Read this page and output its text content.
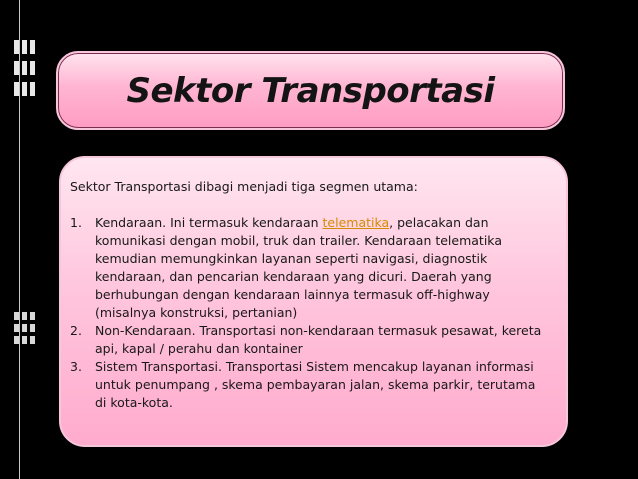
Sektor Transportasi

Sektor Transportasi dibagi menjadi tiga segmen utama:

1. Kendaraan. Ini termasuk kendaraan telematika, pelacakan dan komunikasi dengan mobil, truk dan trailer. Kendaraan telematika kemudian memungkinkan layanan seperti navigasi, diagnostik kendaraan, dan pencarian kendaraan yang dicuri. Daerah yang berhubungan dengan kendaraan lainnya termasuk off-highway (misalnya konstruksi, pertanian)
2. Non-Kendaraan. Transportasi non-kendaraan termasuk pesawat, kereta api, kapal / perahu dan kontainer
3. Sistem Transportasi. Transportasi Sistem mencakup layanan informasi untuk penumpang , skema pembayaran jalan, skema parkir, terutama di kota-kota.
